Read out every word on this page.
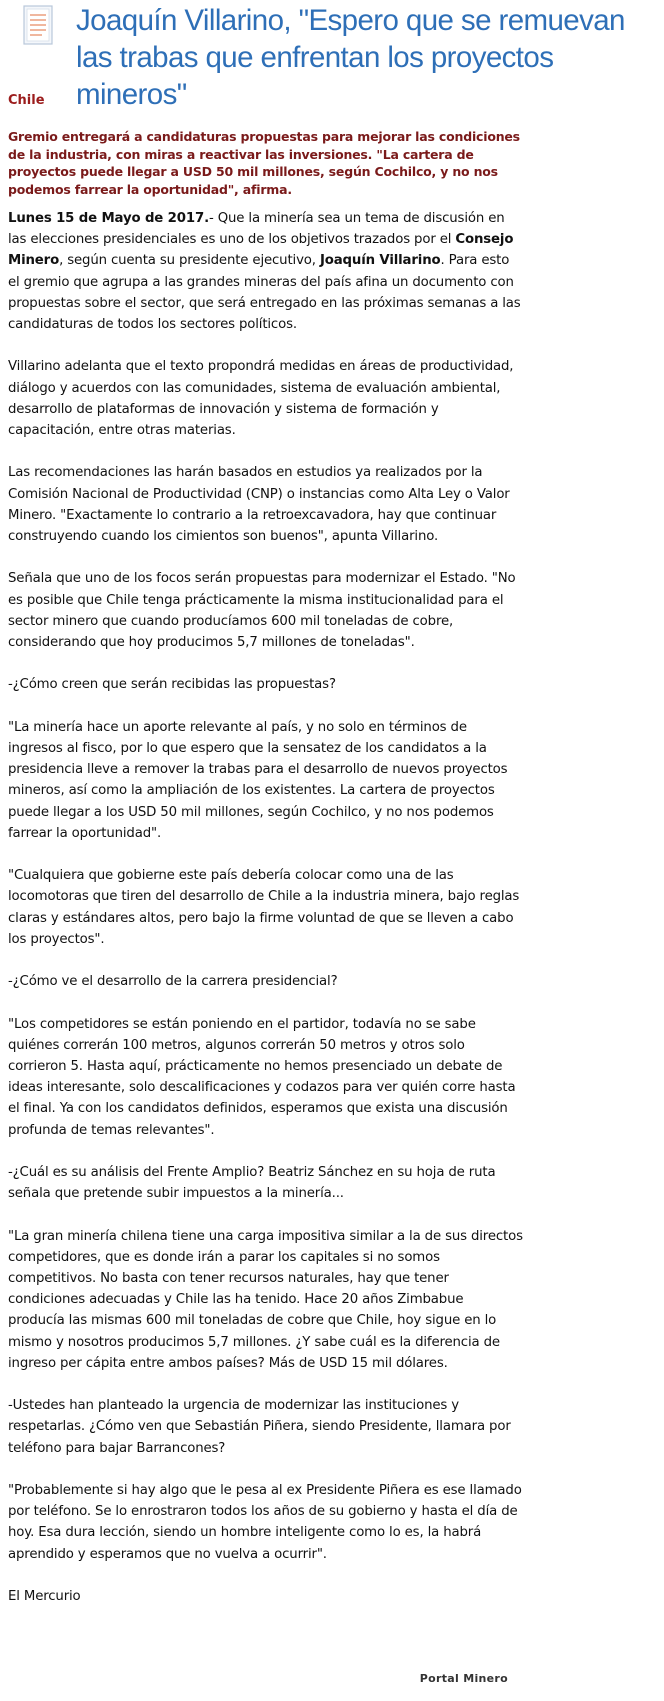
Joaquín Villarino, "Espero que se remuevan las trabas que enfrentan los proyectos mineros"
Chile

Gremio entregará a candidaturas propuestas para mejorar las condiciones de la industria, con miras a reactivar las inversiones. "La cartera de proyectos puede llegar a USD 50 mil millones, según Cochilco, y no nos podemos farrear la oportunidad", afirma.

Lunes 15 de Mayo de 2017.- Que la minería sea un tema de discusión en las elecciones presidenciales es uno de los objetivos trazados por el Consejo Minero, según cuenta su presidente ejecutivo, Joaquín Villarino. Para esto el gremio que agrupa a las grandes mineras del país afina un documento con propuestas sobre el sector, que será entregado en las próximas semanas a las candidaturas de todos los sectores políticos.

Villarino adelanta que el texto propondrá medidas en áreas de productividad, diálogo y acuerdos con las comunidades, sistema de evaluación ambiental, desarrollo de plataformas de innovación y sistema de formación y capacitación, entre otras materias.

Las recomendaciones las harán basados en estudios ya realizados por la Comisión Nacional de Productividad (CNP) o instancias como Alta Ley o Valor Minero. "Exactamente lo contrario a la retroexcavadora, hay que continuar construyendo cuando los cimientos son buenos", apunta Villarino.

Señala que uno de los focos serán propuestas para modernizar el Estado. "No es posible que Chile tenga prácticamente la misma institucionalidad para el sector minero que cuando producíamos 600 mil toneladas de cobre, considerando que hoy producimos 5,7 millones de toneladas".

-¿Cómo creen que serán recibidas las propuestas?

"La minería hace un aporte relevante al país, y no solo en términos de ingresos al fisco, por lo que espero que la sensatez de los candidatos a la presidencia lleve a remover la trabas para el desarrollo de nuevos proyectos mineros, así como la ampliación de los existentes. La cartera de proyectos puede llegar a los USD 50 mil millones, según Cochilco, y no nos podemos farrear la oportunidad".

"Cualquiera que gobierne este país debería colocar como una de las locomotoras que tiren del desarrollo de Chile a la industria minera, bajo reglas claras y estándares altos, pero bajo la firme voluntad de que se lleven a cabo los proyectos".

-¿Cómo ve el desarrollo de la carrera presidencial?

"Los competidores se están poniendo en el partidor, todavía no se sabe quiénes correrán 100 metros, algunos correrán 50 metros y otros solo corrieron 5. Hasta aquí, prácticamente no hemos presenciado un debate de ideas interesante, solo descalificaciones y codazos para ver quién corre hasta el final. Ya con los candidatos definidos, esperamos que exista una discusión profunda de temas relevantes".

-¿Cuál es su análisis del Frente Amplio? Beatriz Sánchez en su hoja de ruta señala que pretende subir impuestos a la minería...

"La gran minería chilena tiene una carga impositiva similar a la de sus directos competidores, que es donde irán a parar los capitales si no somos competitivos. No basta con tener recursos naturales, hay que tener condiciones adecuadas y Chile las ha tenido. Hace 20 años Zimbabue producía las mismas 600 mil toneladas de cobre que Chile, hoy sigue en lo mismo y nosotros producimos 5,7 millones. ¿Y sabe cuál es la diferencia de ingreso per cápita entre ambos países? Más de USD 15 mil dólares.

-Ustedes han planteado la urgencia de modernizar las instituciones y respetarlas. ¿Cómo ven que Sebastián Piñera, siendo Presidente, llamara por teléfono para bajar Barrancones?

"Probablemente si hay algo que le pesa al ex Presidente Piñera es ese llamado por teléfono. Se lo enrostraron todos los años de su gobierno y hasta el día de hoy. Esa dura lección, siendo un hombre inteligente como lo es, la habrá aprendido y esperamos que no vuelva a ocurrir".

El Mercurio

Portal Minero
